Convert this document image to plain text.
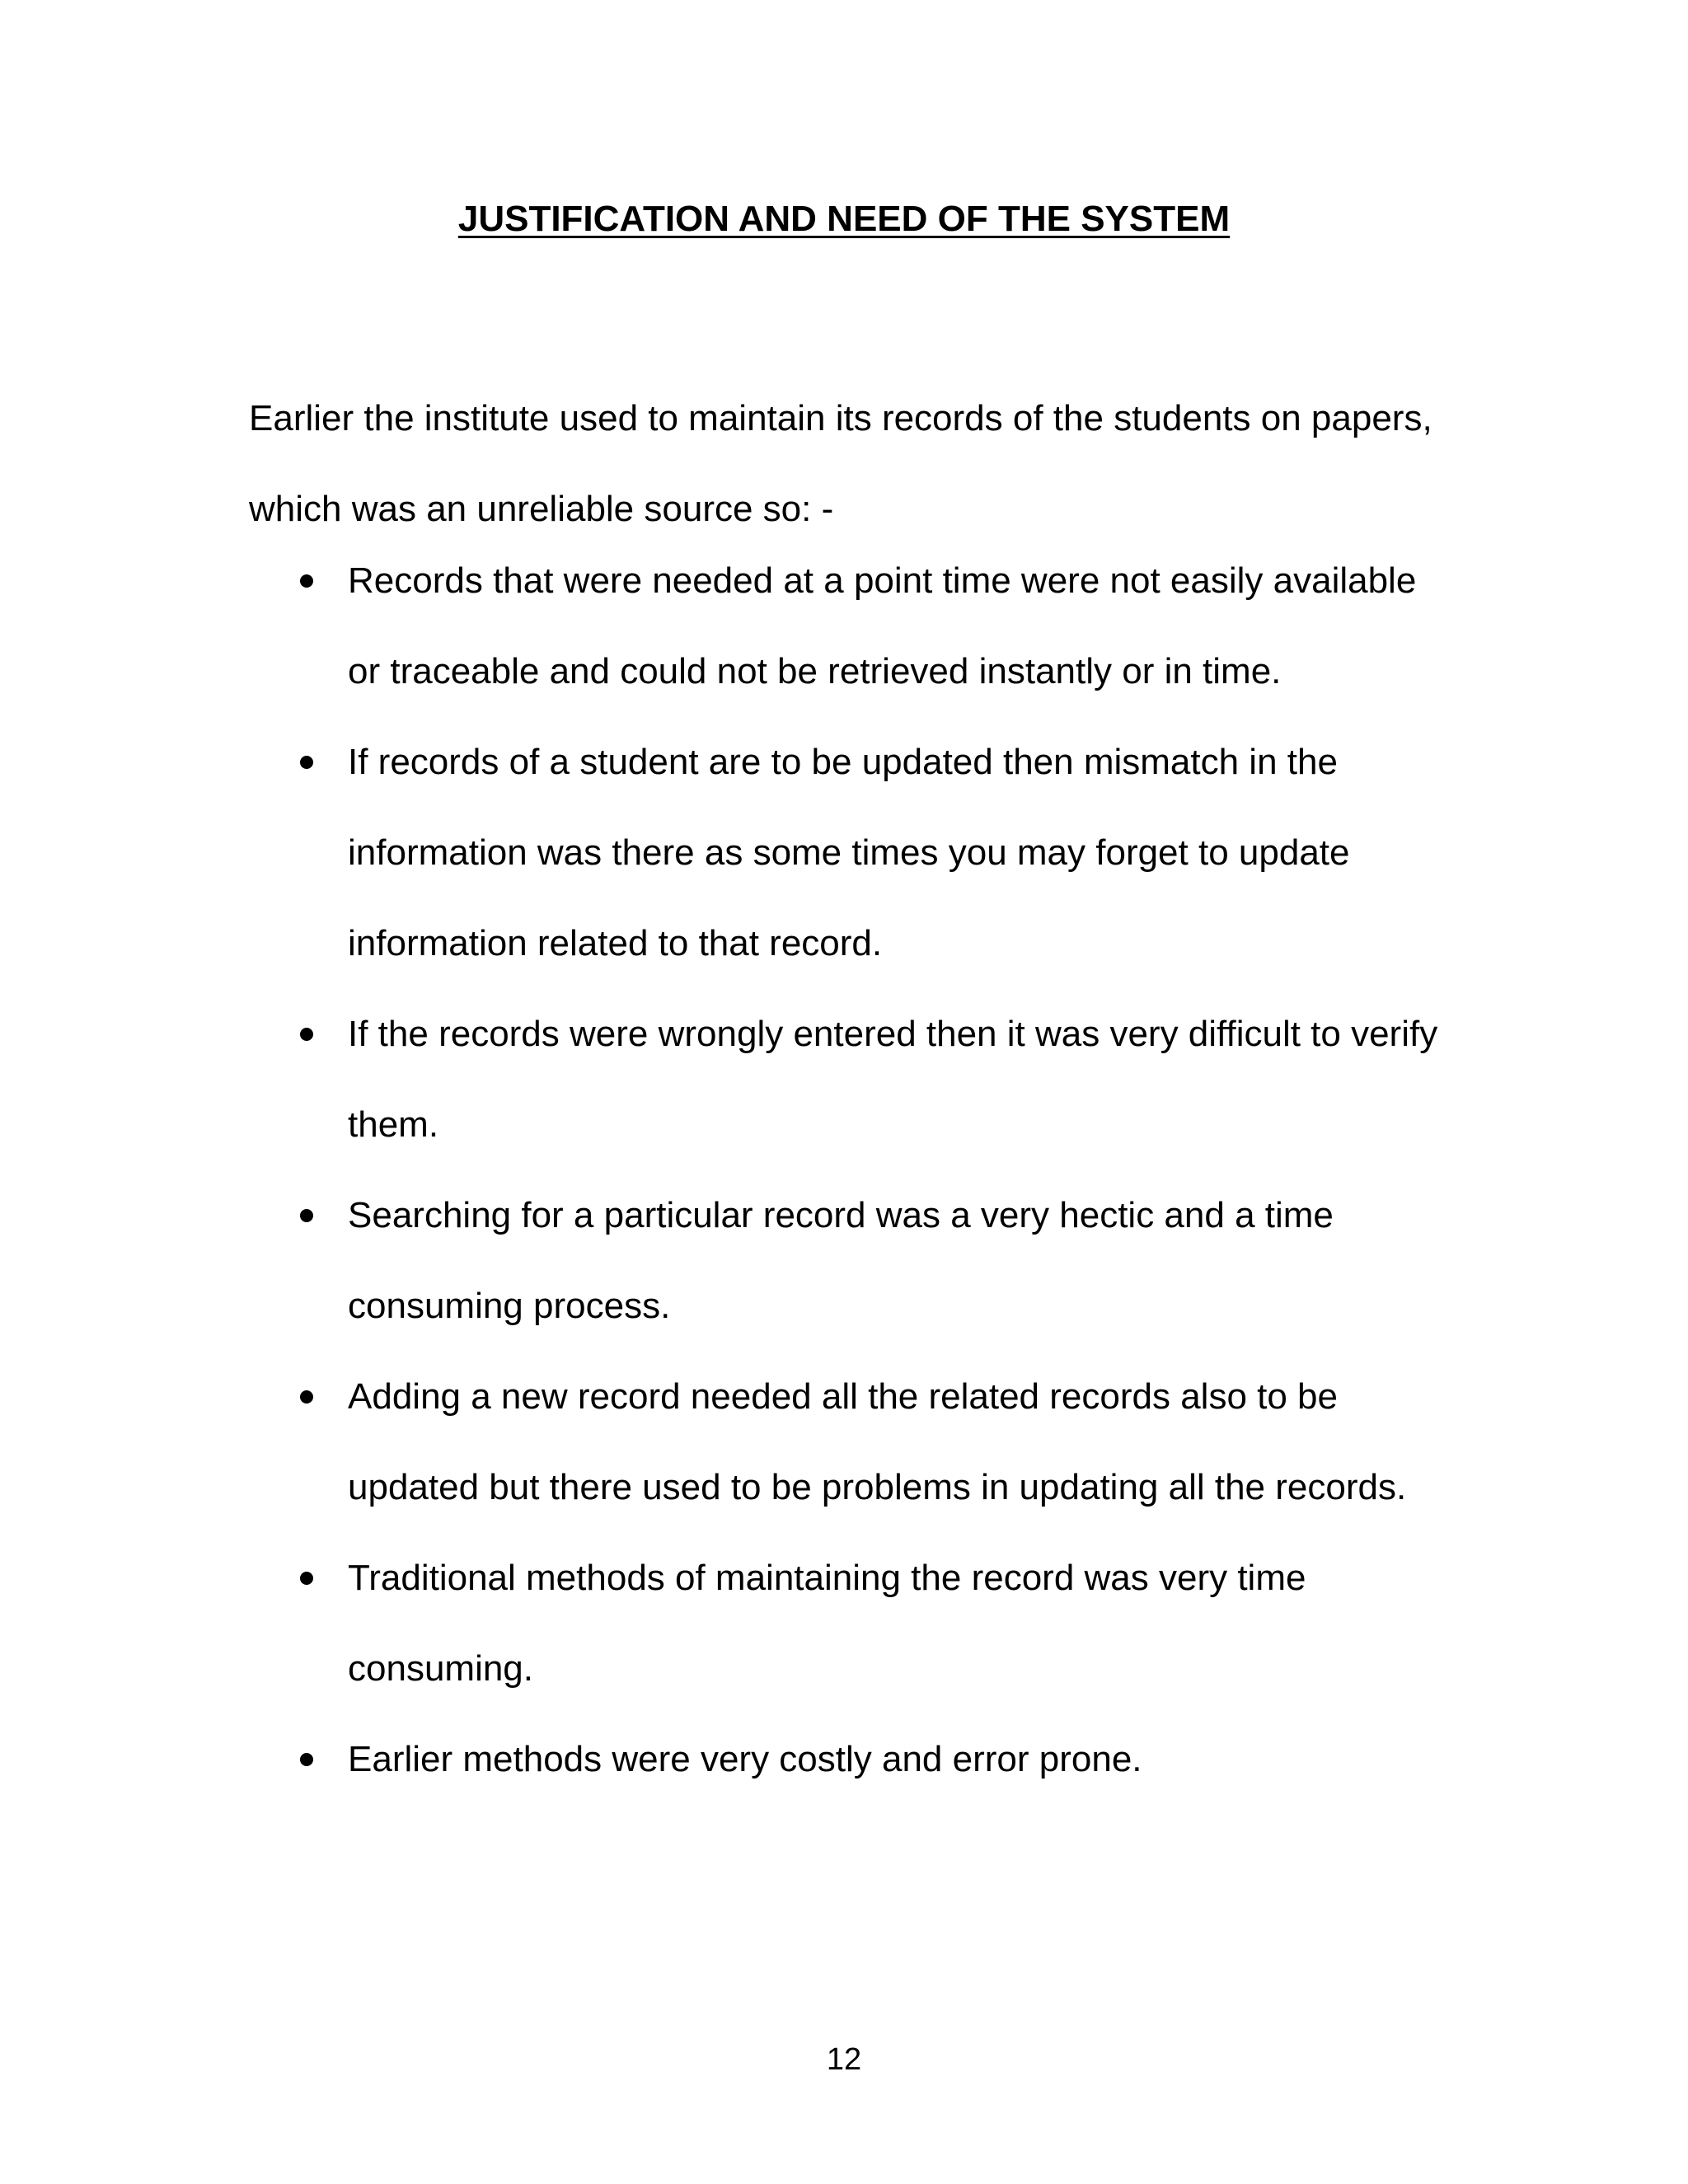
JUSTIFICATION AND NEED OF THE SYSTEM

Earlier the institute used to maintain its records of the students on papers, which was an unreliable source so: -

Records that were needed at a point time were not easily available or traceable and could not be retrieved instantly or in time.
If records of a student are to be updated then mismatch in the information was there as some times you may forget to update information related to that record.
If the records were wrongly entered then it was very difficult to verify them.
Searching for a particular record was a very hectic and a time consuming process.
Adding a new record needed all the related records also to be updated but there used to be problems in updating all the records.
Traditional methods of maintaining the record was very time consuming.
Earlier methods were very costly and error prone.
12
